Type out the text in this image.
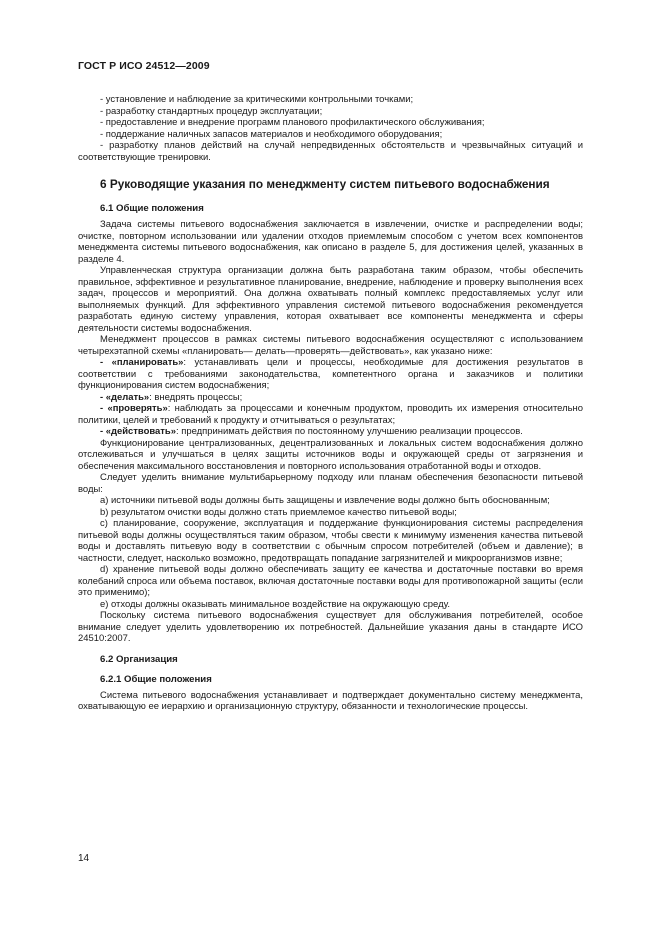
ГОСТ Р ИСО 24512—2009

- установление и наблюдение за критическими контрольными точками;

- разработку стандартных процедур эксплуатации;

- предоставление и внедрение программ планового профилактического обслуживания;

- поддержание наличных запасов материалов и необходимого оборудования;

- разработку планов действий на случай непредвиденных обстоятельств и чрезвычайных ситуаций и соответствующие тренировки.

6 Руководящие указания по менеджменту систем питьевого водоснабжения
6.1 Общие положения

Задача системы питьевого водоснабжения заключается в извлечении, очистке и распределении воды; очистке, повторном использовании или удалении отходов приемлемым способом с учетом всех компонентов менеджмента системы питьевого водоснабжения, как описано в разделе 5, для достижения целей, указанных в разделе 4.

Управленческая структура организации должна быть разработана таким образом, чтобы обеспечить правильное, эффективное и результативное планирование, внедрение, наблюдение и проверку выполнения всех задач, процессов и мероприятий. Она должна охватывать полный комплекс предоставляемых услуг или выполняемых функций. Для эффективного управления системой питьевого водоснабжения рекомендуется разработать единую систему управления, которая охватывает все компоненты менеджмента и сферы деятельности системы водоснабжения.

Менеджмент процессов в рамках системы питьевого водоснабжения осуществляют с использованием четырехэтапной схемы «планировать— делать—проверять—действовать», как указано ниже:

- «планировать»: устанавливать цели и процессы, необходимые для достижения результатов в соответствии с требованиями законодательства, компетентного органа и заказчиков и политики функционирования систем водоснабжения;

- «делать»: внедрять процессы;

- «проверять»: наблюдать за процессами и конечным продуктом, проводить их измерения относительно политики, целей и требований к продукту и отчитываться о результатах;

- «действовать»: предпринимать действия по постоянному улучшению реализации процессов.

Функционирование централизованных, децентрализованных и локальных систем водоснабжения должно отслеживаться и улучшаться в целях защиты источников воды и окружающей среды от загрязнения и обеспечения максимального восстановления и повторного использования отработанной воды и отходов.

Следует уделить внимание мультибарьерному подходу или планам обеспечения безопасности питьевой воды:

a) источники питьевой воды должны быть защищены и извлечение воды должно быть обоснованным;

b) результатом очистки воды должно стать приемлемое качество питьевой воды;

c) планирование, сооружение, эксплуатация и поддержание функционирования системы распределения питьевой воды должны осуществляться таким образом, чтобы свести к минимуму изменения качества питьевой воды и доставлять питьевую воду в соответствии с обычным спросом потребителей (объем и давление); в частности, следует, насколько возможно, предотвращать попадание загрязнителей и микроорганизмов извне;

d) хранение питьевой воды должно обеспечивать защиту ее качества и достаточные поставки во время колебаний спроса или объема поставок, включая достаточные поставки воды для противопожарной защиты (если это применимо);

e) отходы должны оказывать минимальное воздействие на окружающую среду.

Поскольку система питьевого водоснабжения существует для обслуживания потребителей, особое внимание следует уделить удовлетворению их потребностей. Дальнейшие указания даны в стандарте ИСО 24510:2007.

6.2 Организация
6.2.1 Общие положения

Система питьевого водоснабжения устанавливает и подтверждает документально систему менеджмента, охватывающую ее иерархию и организационную структуру, обязанности и технологические процессы.

14
